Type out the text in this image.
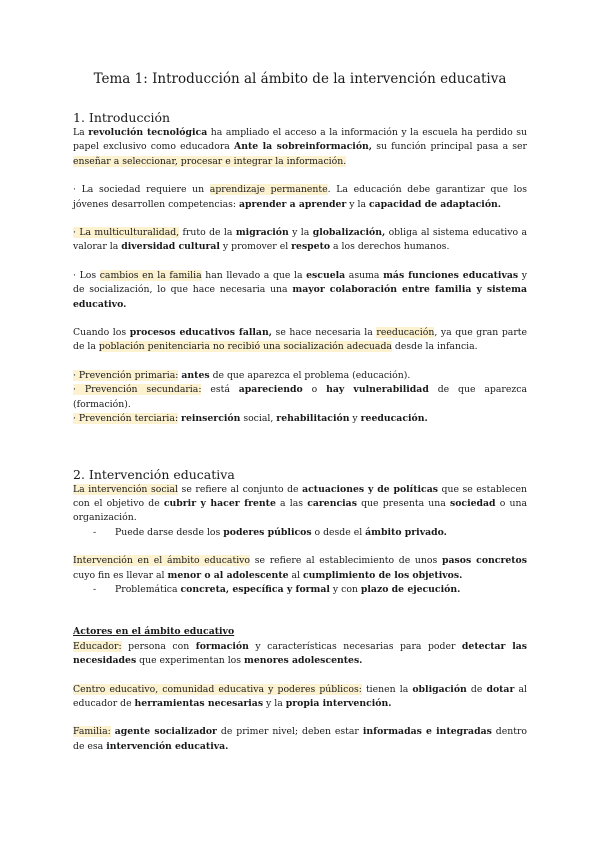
Tema 1: Introducción al ámbito de la intervención educativa
1. Introducción

La revolución tecnológica ha ampliado el acceso a la información y la escuela ha perdido su papel exclusivo como educadora Ante la sobreinformación, su función principal pasa a ser enseñar a seleccionar, procesar e integrar la información.

· La sociedad requiere un aprendizaje permanente. La educación debe garantizar que los jóvenes desarrollen competencias: aprender a aprender y la capacidad de adaptación.

· La multiculturalidad, fruto de la migración y la globalización, obliga al sistema educativo a valorar la diversidad cultural y promover el respeto a los derechos humanos.

· Los cambios en la familia han llevado a que la escuela asuma más funciones educativas y de socialización, lo que hace necesaria una mayor colaboración entre familia y sistema educativo.

Cuando los procesos educativos fallan, se hace necesaria la reeducación, ya que gran parte de la población penitenciaria no recibió una socialización adecuada desde la infancia.

· Prevención primaria: antes de que aparezca el problema (educación).

· Prevención secundaria: está apareciendo o hay vulnerabilidad de que aparezca (formación).

· Prevención terciaria: reinserción social, rehabilitación y reeducación.

2. Intervención educativa

La intervención social se refiere al conjunto de actuaciones y de políticas que se establecen con el objetivo de cubrir y hacer frente a las carencias que presenta una sociedad o una organización.

- Puede darse desde los poderes públicos o desde el ámbito privado.

Intervención en el ámbito educativo se refiere al establecimiento de unos pasos concretos cuyo fin es llevar al menor o al adolescente al cumplimiento de los objetivos.

- Problemática concreta, específica y formal y con plazo de ejecución.

Actores en el ámbito educativo

Educador: persona con formación y características necesarias para poder detectar las necesidades que experimentan los menores adolescentes.

Centro educativo, comunidad educativa y poderes públicos: tienen la obligación de dotar al educador de herramientas necesarias y la propia intervención.

Familia: agente socializador de primer nivel; deben estar informadas e integradas dentro de esa intervención educativa.
